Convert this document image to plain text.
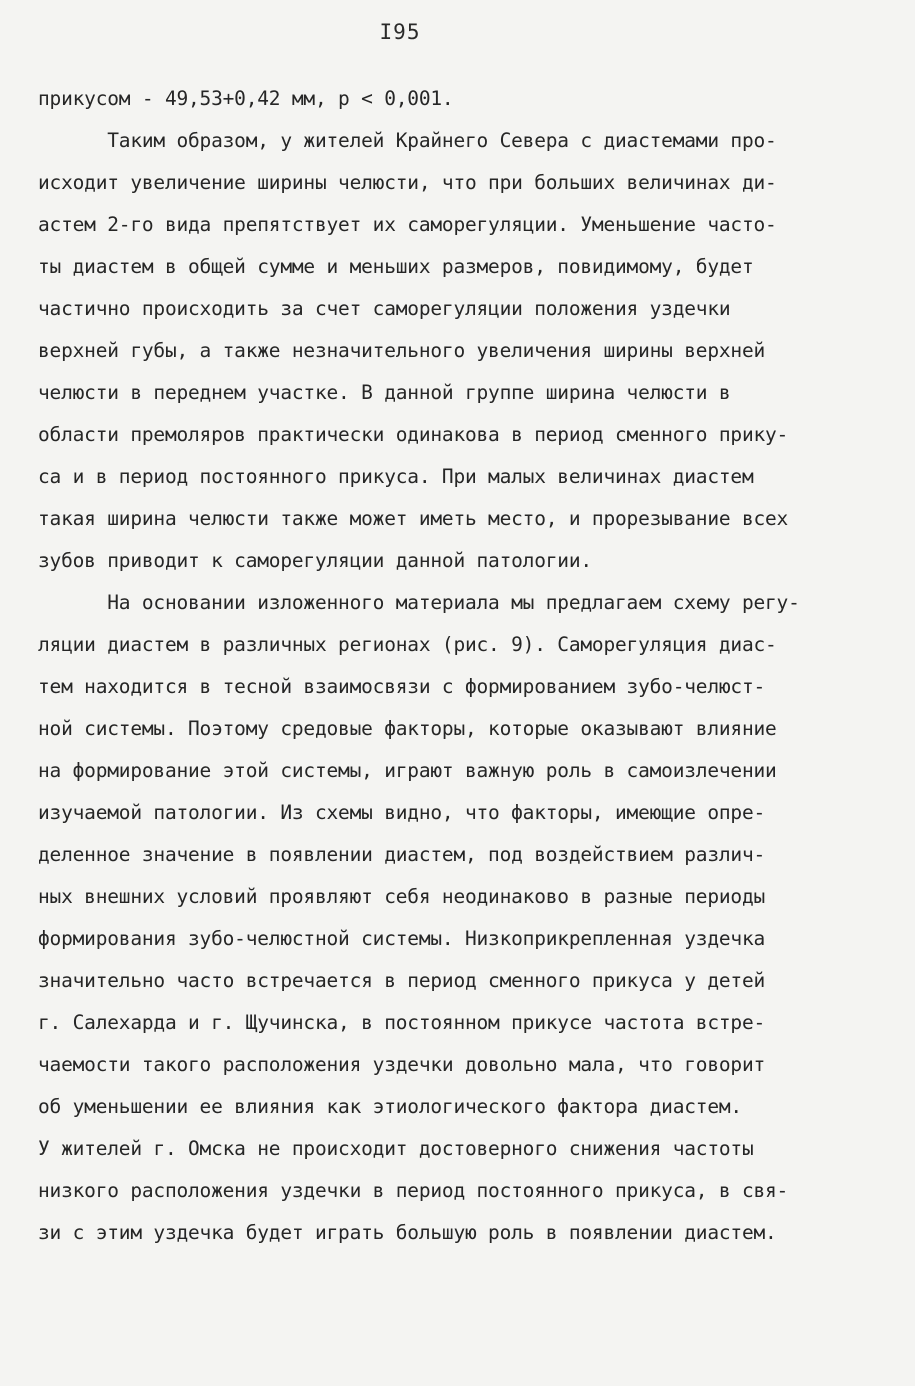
I95
прикусом - 49,53+0,42 мм, р < 0,001.
Таким образом, у жителей Крайнего Севера с диастемами про-
исходит увеличение ширины челюсти, что при больших величинах ди-
астем 2-го вида препятствует их саморегуляции. Уменьшение часто-
ты диастем в общей сумме и меньших размеров, повидимому, будет
частично происходить за счет саморегуляции положения уздечки
верхней губы, а также незначительного увеличения ширины верхней
челюсти в переднем участке. В данной группе ширина челюсти в
области премоляров практически одинакова в период сменного прику-
са и в период постоянного прикуса. При малых величинах диастем
такая ширина челюсти также может иметь место, и прорезывание всех
зубов приводит к саморегуляции данной патологии.
На основании изложенного материала мы предлагаем схему регу-
ляции диастем в различных регионах (рис. 9). Саморегуляция диас-
тем находится в тесной взаимосвязи с формированием зубо-челюст-
ной системы. Поэтому средовые факторы, которые оказывают влияние
на формирование этой системы, играют важную роль в самоизлечении
изучаемой патологии. Из схемы видно, что факторы, имеющие опре-
деленное значение в появлении диастем, под воздействием различ-
ных внешних условий проявляют себя неодинаково в разные периоды
формирования зубо-челюстной системы. Низкоприкрепленная уздечка
значительно часто встречается в период сменного прикуса у детей
г. Салехарда и г. Щучинска, в постоянном прикусе частота встре-
чаемости такого расположения уздечки довольно мала, что говорит
об уменьшении ее влияния как этиологического фактора диастем.
У жителей г. Омска не происходит достоверного снижения частоты
низкого расположения уздечки в период постоянного прикуса, в свя-
зи с этим уздечка будет играть большую роль в появлении диастем.
